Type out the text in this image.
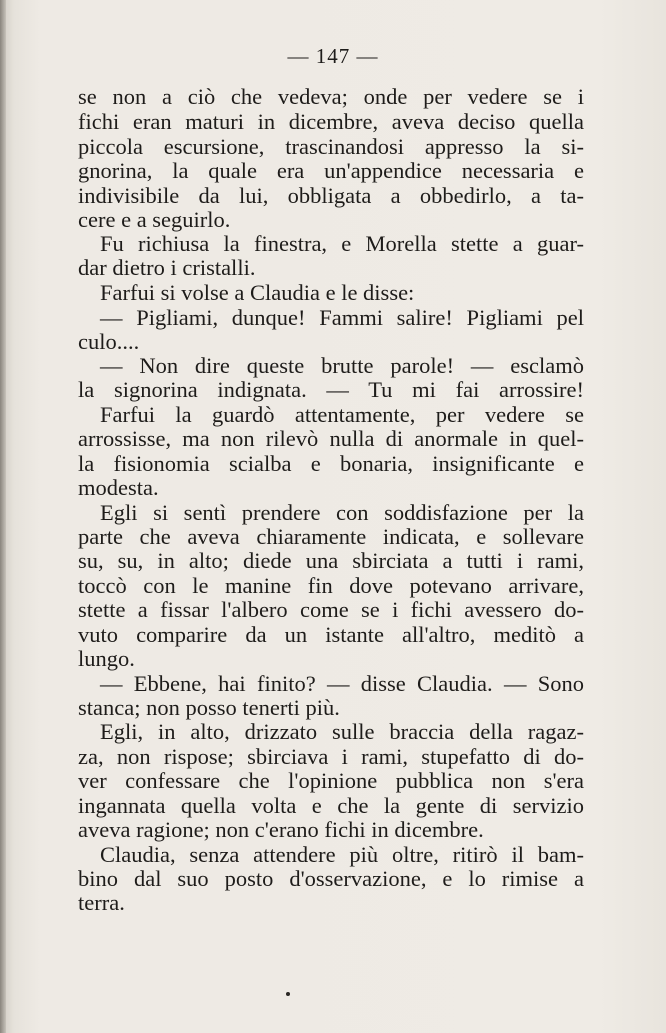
— 147 —
se non a ciò che vedeva; onde per vedere se i
fichi eran maturi in dicembre, aveva deciso quella
piccola escursione, trascinandosi appresso la si-
gnorina, la quale era un'appendice necessaria e
indivisibile da lui, obbligata a obbedirlo, a ta-
cere e a seguirlo.
Fu richiusa la finestra, e Morella stette a guar-
dar dietro i cristalli.
Farfui si volse a Claudia e le disse:
— Pigliami, dunque! Fammi salire! Pigliami pel
culo....
— Non dire queste brutte parole! — esclamò
la signorina indignata. — Tu mi fai arrossire!
Farfui la guardò attentamente, per vedere se
arrossisse, ma non rilevò nulla di anormale in quel-
la fisionomia scialba e bonaria, insignificante e
modesta.
Egli si sentì prendere con soddisfazione per la
parte che aveva chiaramente indicata, e sollevare
su, su, in alto; diede una sbirciata a tutti i rami,
toccò con le manine fin dove potevano arrivare,
stette a fissar l'albero come se i fichi avessero do-
vuto comparire da un istante all'altro, meditò a
lungo.
— Ebbene, hai finito? — disse Claudia. — Sono
stanca; non posso tenerti più.
Egli, in alto, drizzato sulle braccia della ragaz-
za, non rispose; sbirciava i rami, stupefatto di do-
ver confessare che l'opinione pubblica non s'era
ingannata quella volta e che la gente di servizio
aveva ragione; non c'erano fichi in dicembre.
Claudia, senza attendere più oltre, ritirò il bam-
bino dal suo posto d'osservazione, e lo rimise a
terra.
